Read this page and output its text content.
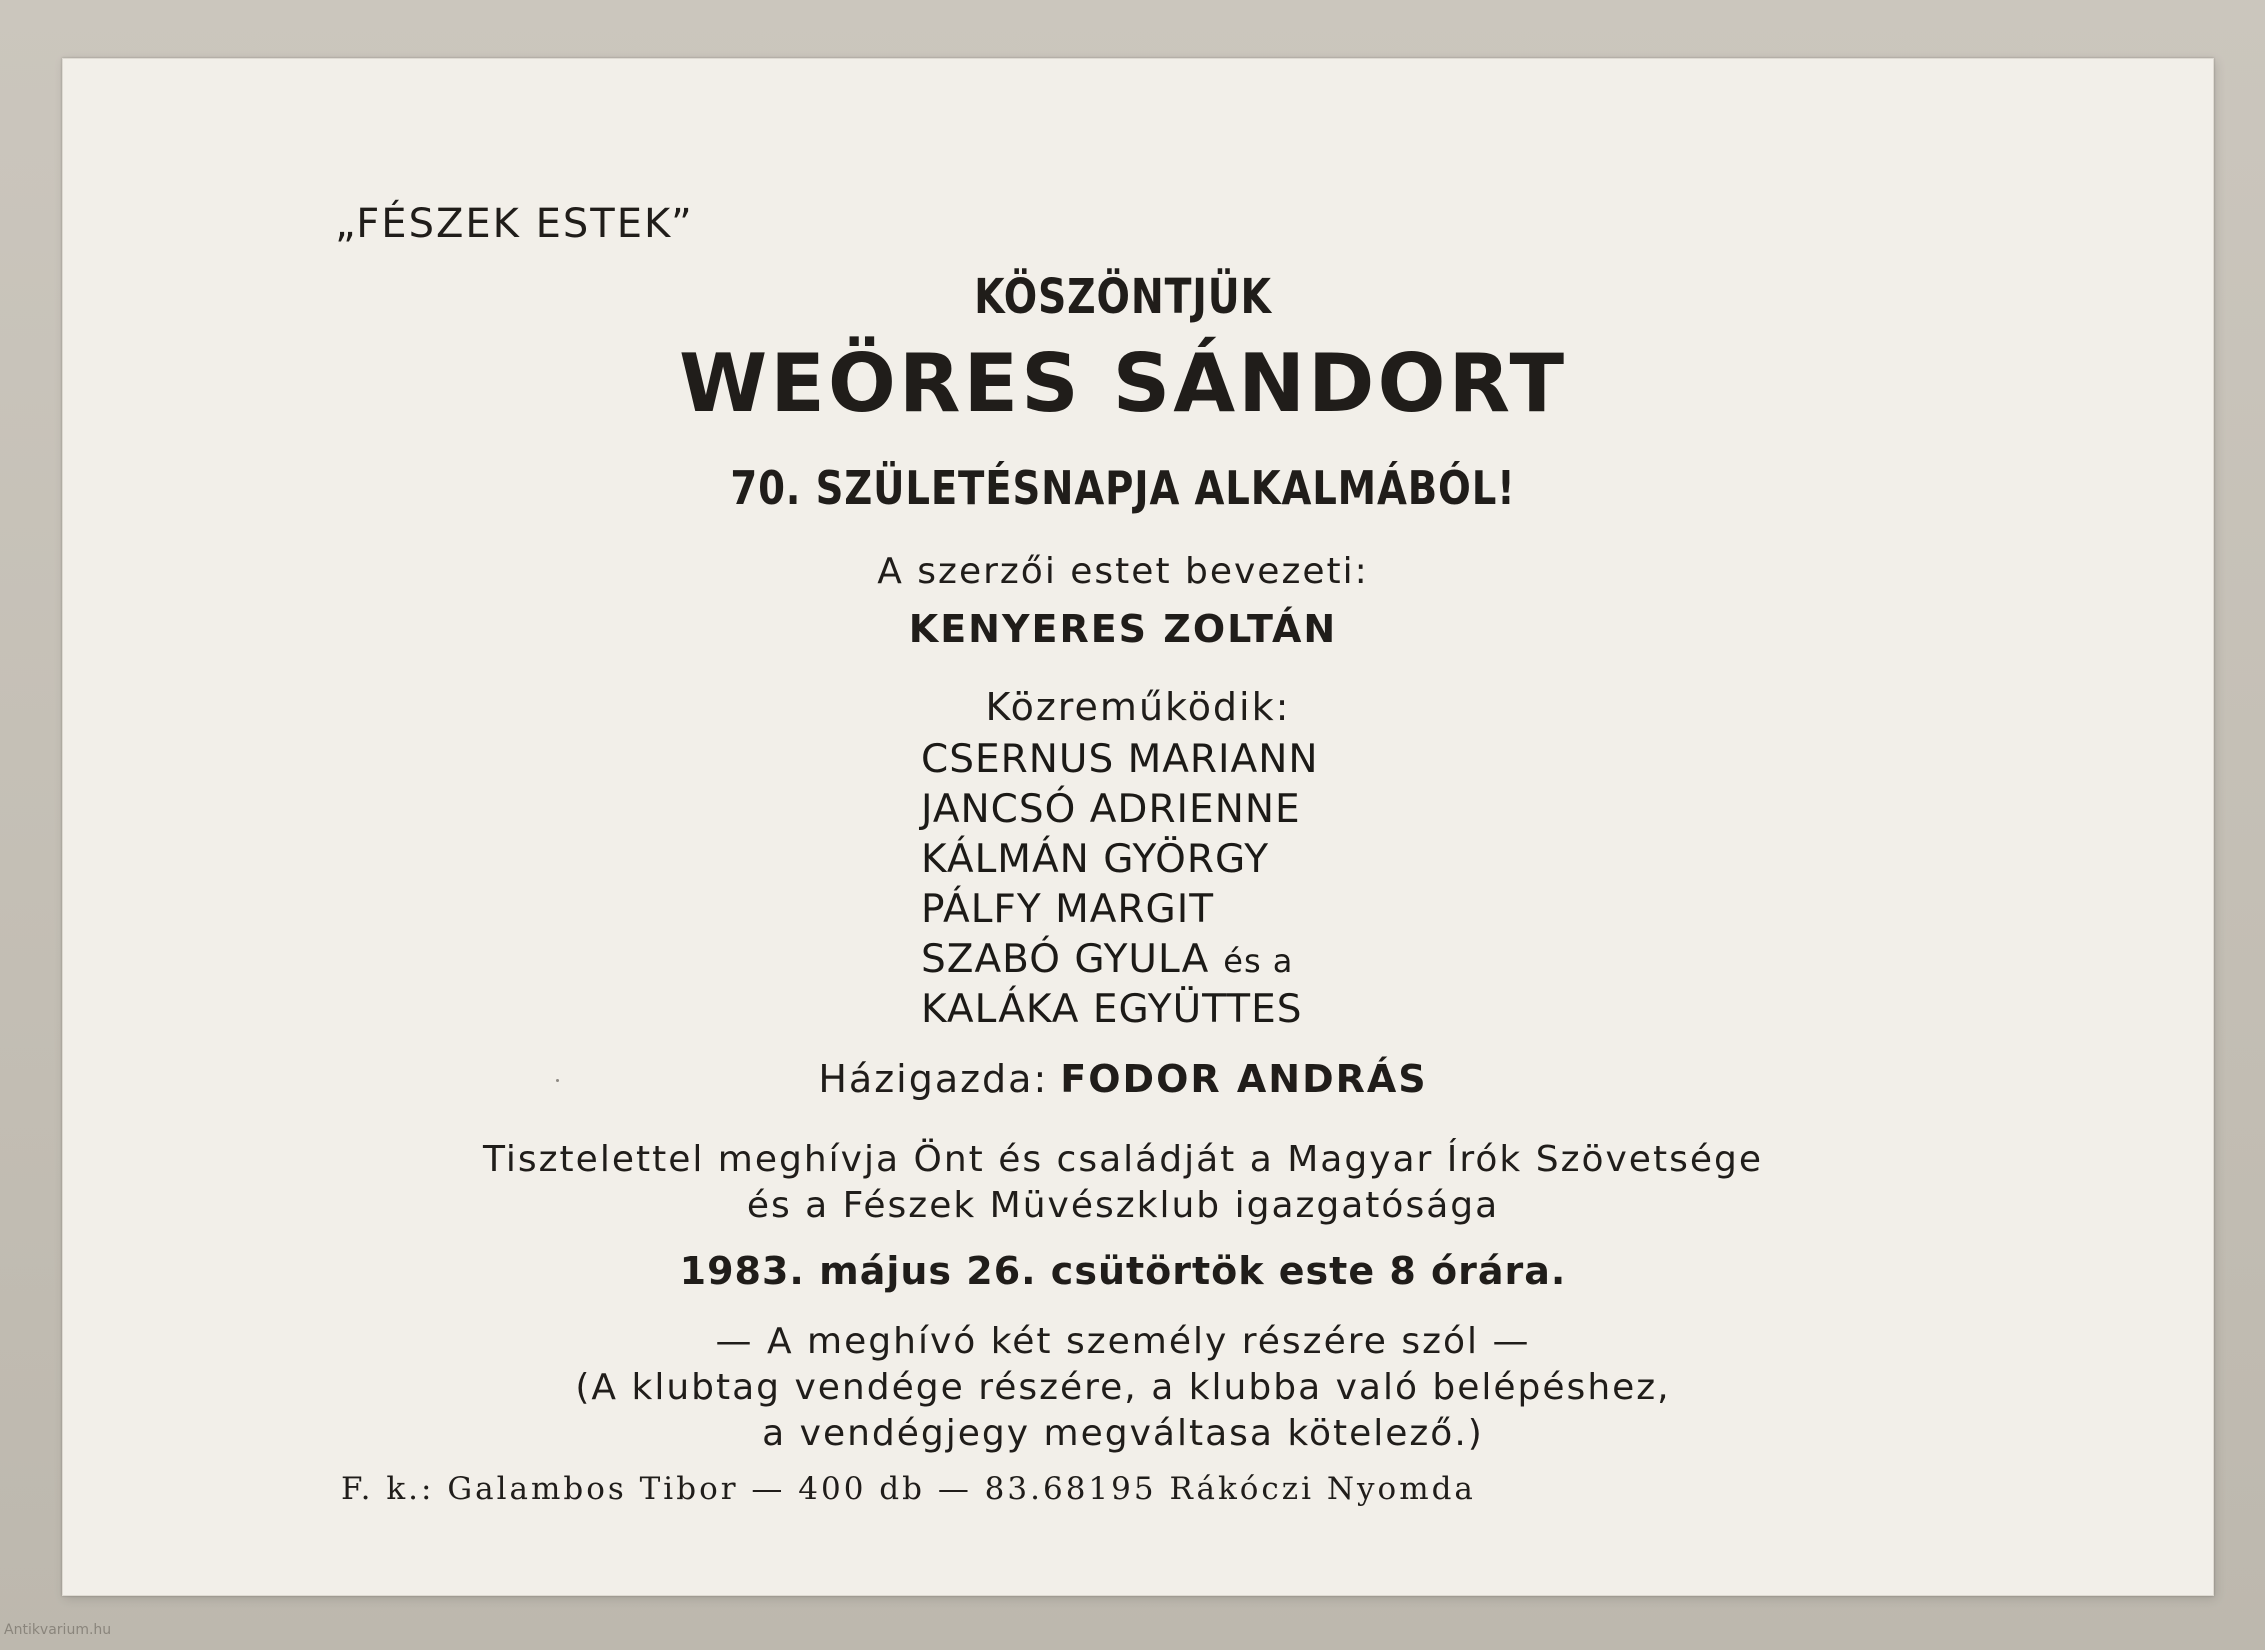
„FÉSZEK ESTEK”

KÖSZÖNTJÜK

WEÖRES SÁNDORT

70. SZÜLETÉSNAPJA ALKALMÁBÓL!

A szerzői estet bevezeti:

KENYERES ZOLTÁN

Közreműködik:

CSERNUS MARIANN
JANCSÓ ADRIENNE
KÁLMÁN GYÖRGY
PÁLFY MARGIT
SZABÓ GYULA és a
KALÁKA EGYÜTTES

Házigazda: FODOR ANDRÁS

Tisztelettel meghívja Önt és családját a Magyar Írók Szövetsége

és a Fészek Müvészklub igazgatósága

1983. május 26. csütörtök este 8 órára.

— A meghívó két személy részére szól —

(A klubtag vendége részére, a klubba való belépéshez,

a vendégjegy megváltasa kötelező.)

F. k.: Galambos Tibor — 400 db — 83.68195 Rákóczi Nyomda

Antikvarium.hu
